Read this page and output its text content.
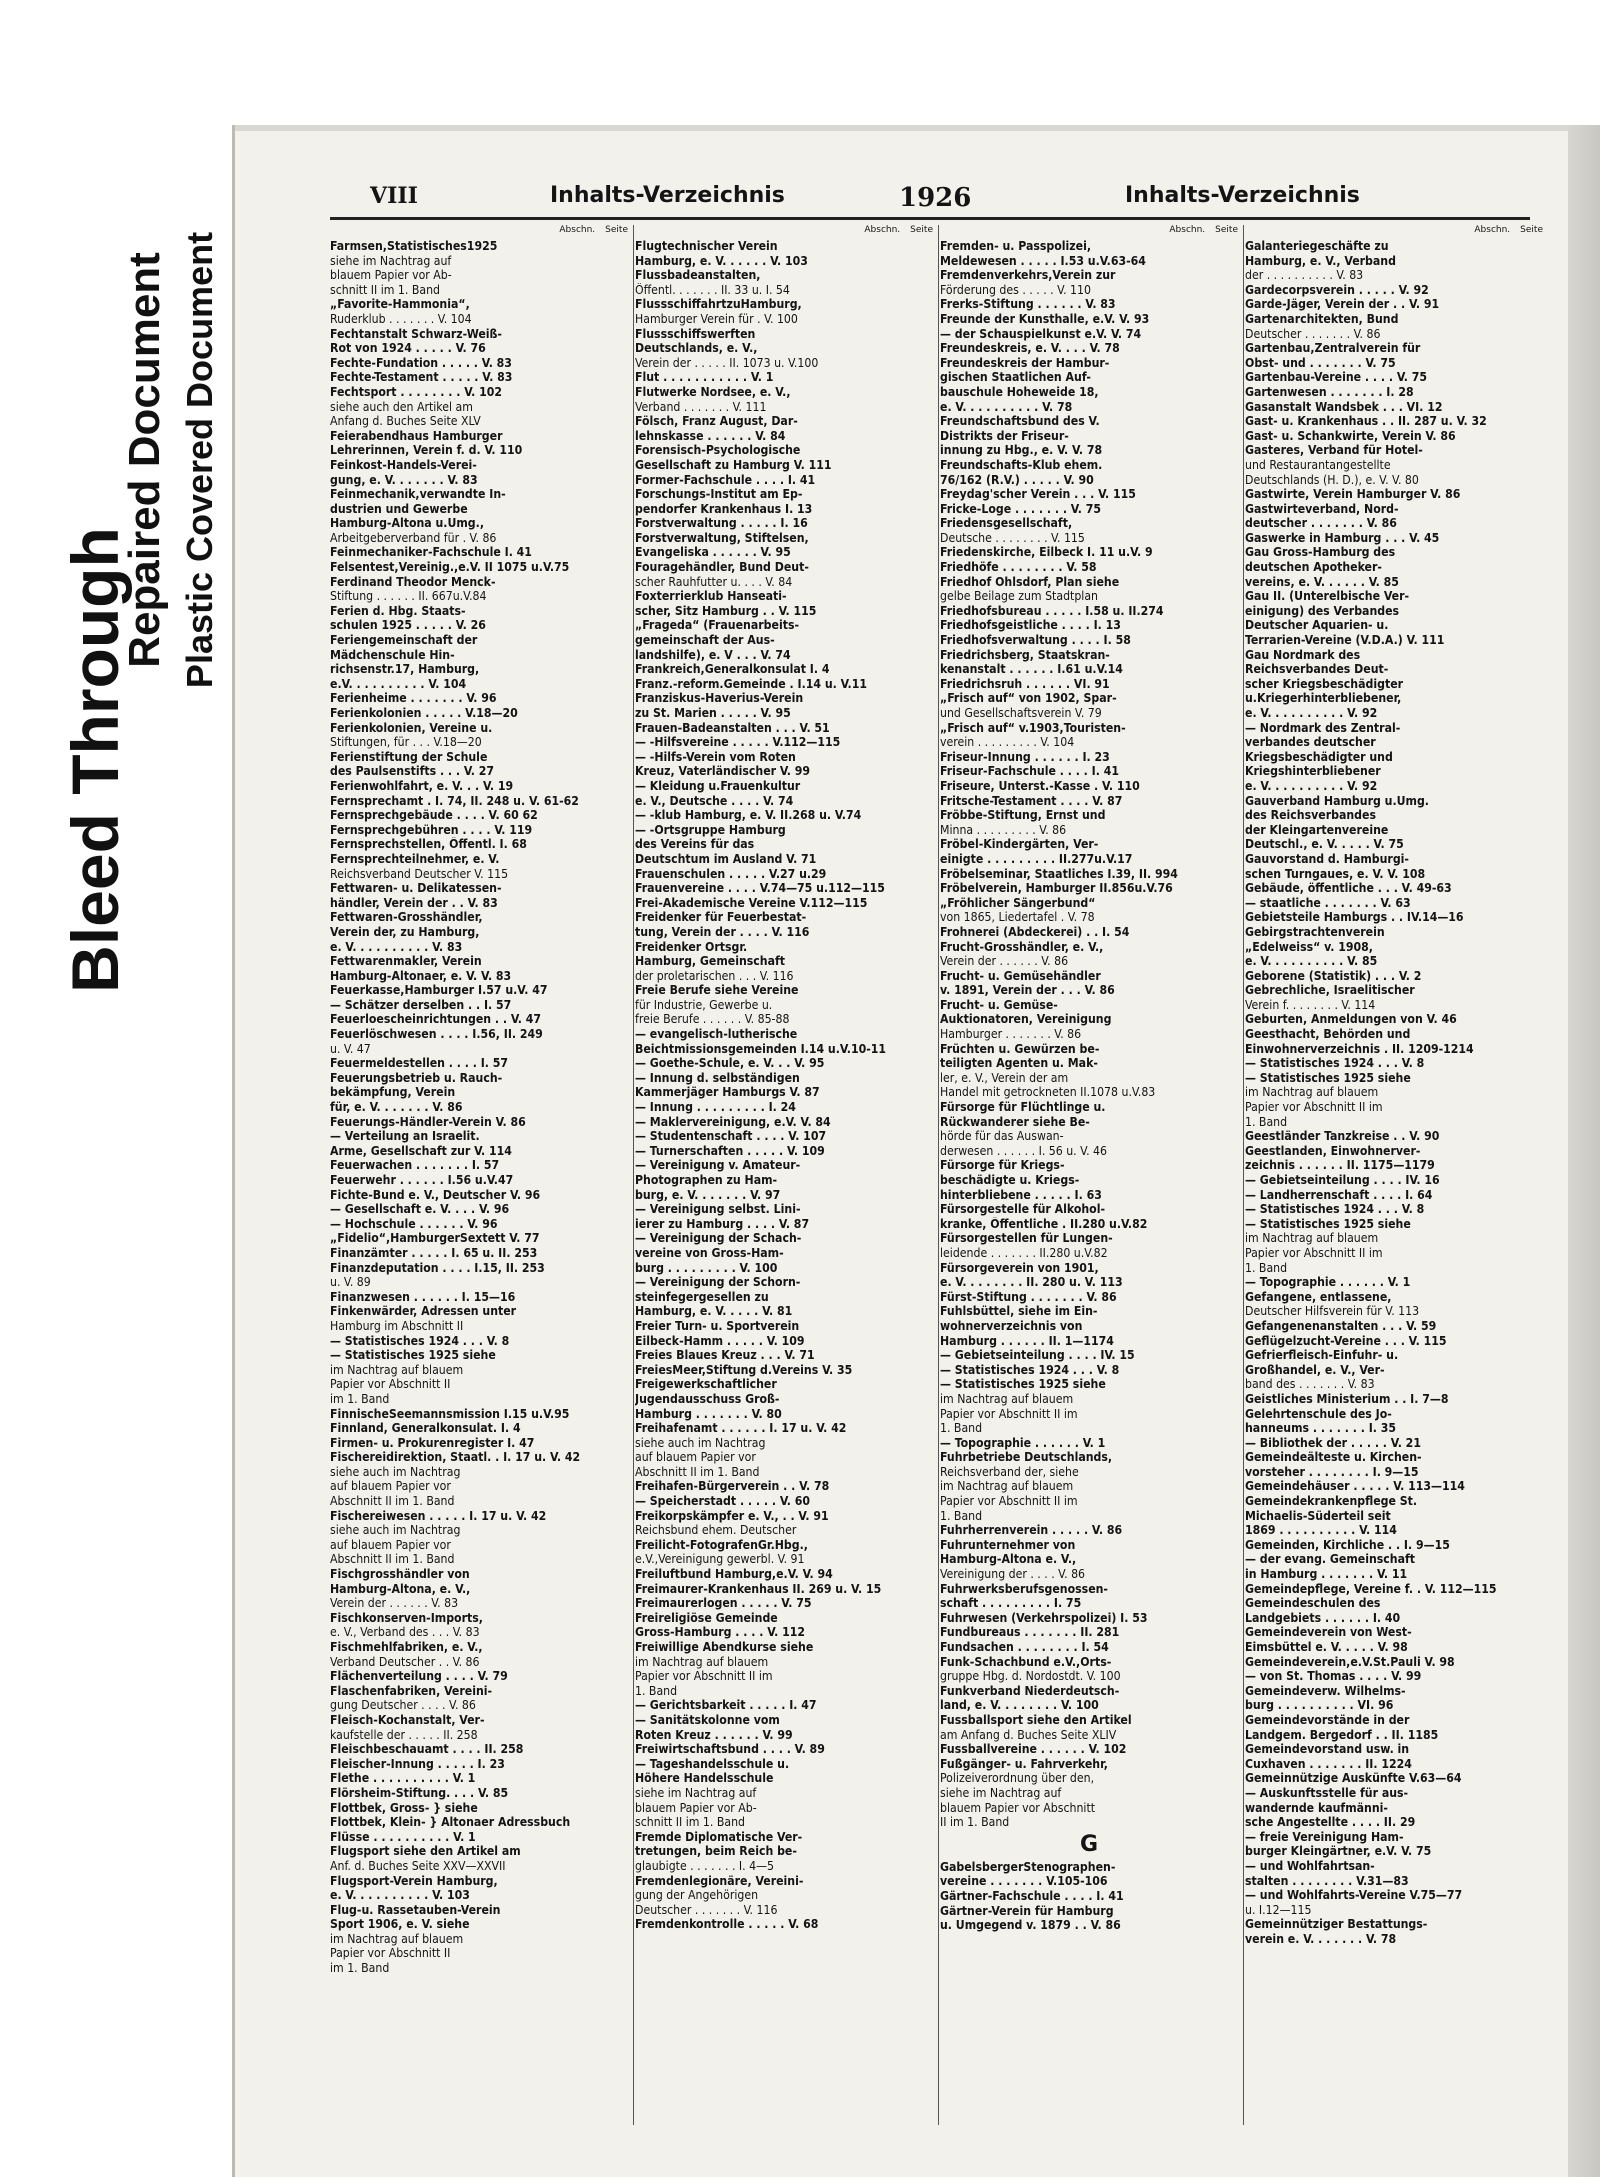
Bleed Through
Repaired Document Plastic Covered Document
VIII	Inhalts-Verzeichnis	1926	Inhalts-Verzeichnis
Abschn. Seite
Farmsen,Statistisches1925
siehe im Nachtrag auf
blauem Papier vor Ab-
schnitt II im 1. Band
„Favorite-Hammonia“,
Ruderklub . . . . . . . V. 104
Fechtanstalt Schwarz-Weiß-
Rot von 1924 . . . . . V. 76
Fechte-Fundation . . . . . V. 83
Fechte-Testament . . . . . V. 83
Fechtsport . . . . . . . . V. 102
siehe auch den Artikel am
Anfang d. Buches Seite XLV
Feierabendhaus Hamburger
Lehrerinnen, Verein f. d. V. 110
Feinkost-Handels-Verei-
gung, e. V. . . . . . . V. 83
Feinmechanik,verwandte In-
dustrien und Gewerbe
Hamburg-Altona u.Umg.,
Arbeitgeberverband für . V. 86
Feinmechaniker-Fachschule I. 41
Felsentest,Vereinig.,e.V. II 1075 u.V.75
Ferdinand Theodor Menck-
Stiftung . . . . . . II. 667u.V.84
Ferien d. Hbg. Staats-
schulen 1925 . . . . . V. 26
Feriengemeinschaft der
Mädchenschule Hin-
richsenstr.17, Hamburg,
e.V. . . . . . . . . . V. 104
Ferienheime . . . . . . . V. 96
Ferienkolonien . . . . . V.18—20
Ferienkolonien, Vereine u.
Stiftungen, für . . . V.18—20
Ferienstiftung der Schule
des Paulsenstifts . . . V. 27
Ferienwohlfahrt, e. V. . . V. 19
Fernsprechamt . I. 74, II. 248 u. V. 61-62
Fernsprechgebäude . . . . V. 60 62
Fernsprechgebühren . . . . V. 119
Fernsprechstellen, Öffentl. I. 68
Fernsprechteilnehmer, e. V.
Reichsverband Deutscher V. 115
Fettwaren- u. Delikatessen-
händler, Verein der . . V. 83
Fettwaren-Grosshändler,
Verein der, zu Hamburg,
e. V. . . . . . . . . . V. 83
Fettwarenmakler, Verein
Hamburg-Altonaer, e. V. V. 83
Feuerkasse,Hamburger I.57 u.V. 47
— Schätzer derselben . . I. 57
Feuerloescheinrichtungen . . V. 47
Feuerlöschwesen . . . . I.56, II. 249
u. V. 47
Feuermeldestellen . . . . I. 57
Feuerungsbetrieb u. Rauch-
bekämpfung, Verein
für, e. V. . . . . . . V. 86
Feuerungs-Händler-Verein V. 86
— Verteilung an Israelit.
Arme, Gesellschaft zur V. 114
Feuerwachen . . . . . . . I. 57
Feuerwehr . . . . . . I.56 u.V.47
Fichte-Bund e. V., Deutscher V. 96
— Gesellschaft e. V. . . . V. 96
— Hochschule . . . . . . V. 96
„Fidelio“,HamburgerSextett V. 77
Finanzämter . . . . . I. 65 u. II. 253
Finanzdeputation . . . . I.15, II. 253
u. V. 89
Finanzwesen . . . . . . I. 15—16
Finkenwärder, Adressen unter
Hamburg im Abschnitt II
— Statistisches 1924 . . . V. 8
— Statistisches 1925 siehe
im Nachtrag auf blauem
Papier vor Abschnitt II
im 1. Band
FinnischeSeemannsmission I.15 u.V.95
Finnland, Generalkonsulat. I. 4
Firmen- u. Prokurenregister I. 47
Fischereidirektion, Staatl. . I. 17 u. V. 42
siehe auch im Nachtrag
auf blauem Papier vor
Abschnitt II im 1. Band
Fischereiwesen . . . . . I. 17 u. V. 42
siehe auch im Nachtrag
auf blauem Papier vor
Abschnitt II im 1. Band
Fischgrosshändler von
Hamburg-Altona, e. V.,
Verein der . . . . . . V. 83
Fischkonserven-Imports,
e. V., Verband des . . . V. 83
Fischmehlfabriken, e. V.,
Verband Deutscher . . V. 86
Flächenverteilung . . . . V. 79
Flaschenfabriken, Vereini-
gung Deutscher . . . . V. 86
Fleisch-Kochanstalt, Ver-
kaufstelle der . . . . . II. 258
Fleischbeschauamt . . . . II. 258
Fleischer-Innung . . . . . I. 23
Flethe . . . . . . . . . . V. 1
Flörsheim-Stiftung. . . . V. 85
Flottbek, Gross- } siehe
Flottbek, Klein- } Altonaer Adressbuch
Flüsse . . . . . . . . . . V. 1
Flugsport siehe den Artikel am
Anf. d. Buches Seite XXV—XXVII
Flugsport-Verein Hamburg,
e. V. . . . . . . . . . V. 103
Flug-u. Rassetauben-Verein
Sport 1906, e. V. siehe
im Nachtrag auf blauem
Papier vor Abschnitt II
im 1. Band
Abschn. Seite
Flugtechnischer Verein
Hamburg, e. V. . . . . . V. 103
Flussbadeanstalten,
Öffentl. . . . . . . II. 33 u. I. 54
FlussschiffahrtzuHamburg,
Hamburger Verein für . V. 100
Flussschiffswerften
Deutschlands, e. V.,
Verein der . . . . . II. 1073 u. V.100
Flut . . . . . . . . . . . V. 1
Flutwerke Nordsee, e. V.,
Verband . . . . . . . V. 111
Fölsch, Franz August, Dar-
lehnskasse . . . . . . V. 84
Forensisch-Psychologische
Gesellschaft zu Hamburg V. 111
Former-Fachschule . . . . I. 41
Forschungs-Institut am Ep-
pendorfer Krankenhaus I. 13
Forstverwaltung . . . . . I. 16
Forstverwaltung, Stiftelsen,
Evangeliska . . . . . . V. 95
Fouragehändler, Bund Deut-
scher Rauhfutter u. . . . V. 84
Foxterrierklub Hanseati-
scher, Sitz Hamburg . . V. 115
„Frageda“ (Frauenarbeits-
gemeinschaft der Aus-
landshilfe), e. V . . . V. 74
Frankreich,Generalkonsulat I. 4
Franz.-reform.Gemeinde . I.14 u. V.11
Franziskus-Haverius-Verein
zu St. Marien . . . . . V. 95
Frauen-Badeanstalten . . . V. 51
— -Hilfsvereine . . . . . V.112—115
— -Hilfs-Verein vom Roten
Kreuz, Vaterländischer V. 99
— Kleidung u.Frauenkultur
e. V., Deutsche . . . . V. 74
— -klub Hamburg, e. V. II.268 u. V.74
— -Ortsgruppe Hamburg
des Vereins für das
Deutschtum im Ausland V. 71
Frauenschulen . . . . . V.27 u.29
Frauenvereine . . . . V.74—75 u.112—115
Frei-Akademische Vereine V.112—115
Freidenker für Feuerbestat-
tung, Verein der . . . . V. 116
Freidenker Ortsgr.
Hamburg, Gemeinschaft
der proletarischen . . . V. 116
Freie Berufe siehe Vereine
für Industrie, Gewerbe u.
freie Berufe . . . . . . V. 85-88
— evangelisch-lutherische
Beichtmissionsgemeinden I.14 u.V.10-11
— Goethe-Schule, e. V. . . V. 95
— Innung d. selbständigen
Kammerjäger Hamburgs V. 87
— Innung . . . . . . . . . I. 24
— Maklervereinigung, e.V. V. 84
— Studentenschaft . . . . V. 107
— Turnerschaften . . . . . V. 109
— Vereinigung v. Amateur-
Photographen zu Ham-
burg, e. V. . . . . . . V. 97
— Vereinigung selbst. Lini-
ierer zu Hamburg . . . . V. 87
— Vereinigung der Schach-
vereine von Gross-Ham-
burg . . . . . . . . . V. 100
— Vereinigung der Schorn-
steinfegergesellen zu
Hamburg, e. V. . . . . V. 81
Freier Turn- u. Sportverein
Eilbeck-Hamm . . . . . V. 109
Freies Blaues Kreuz . . . V. 71
FreiesMeer,Stiftung d.Vereins V. 35
Freigewerkschaftlicher
Jugendausschuss Groß-
Hamburg . . . . . . . V. 80
Freihafenamt . . . . . . I. 17 u. V. 42
siehe auch im Nachtrag
auf blauem Papier vor
Abschnitt II im 1. Band
Freihafen-Bürgerverein . . V. 78
— Speicherstadt . . . . . V. 60
Freikorpskämpfer e. V., . . V. 91
Reichsbund ehem. Deutscher
Freilicht-FotografenGr.Hbg.,
e.V.,Vereinigung gewerbl. V. 91
Freiluftbund Hamburg,e.V. V. 94
Freimaurer-Krankenhaus II. 269 u. V. 15
Freimaurerlogen . . . . . V. 75
Freireligiöse Gemeinde
Gross-Hamburg . . . . V. 112
Freiwillige Abendkurse siehe
im Nachtrag auf blauem
Papier vor Abschnitt II im
1. Band
— Gerichtsbarkeit . . . . . I. 47
— Sanitätskolonne vom
Roten Kreuz . . . . . . V. 99
Freiwirtschaftsbund . . . . V. 89
— Tageshandelsschule u.
Höhere Handelsschule
siehe im Nachtrag auf
blauem Papier vor Ab-
schnitt II im 1. Band
Fremde Diplomatische Ver-
tretungen, beim Reich be-
glaubigte . . . . . . . I. 4—5
Fremdenlegionäre, Vereini-
gung der Angehörigen
Deutscher . . . . . . . V. 116
Fremdenkontrolle . . . . . V. 68
Abschn. Seite
Fremden- u. Passpolizei,
Meldewesen . . . . . I.53 u.V.63-64
Fremdenverkehrs,Verein zur
Förderung des . . . . . V. 110
Frerks-Stiftung . . . . . . V. 83
Freunde der Kunsthalle, e.V. V. 93
— der Schauspielkunst e.V. V. 74
Freundeskreis, e. V. . . . V. 78
Freundeskreis der Hambur-
gischen Staatlichen Auf-
bauschule Hoheweide 18,
e. V. . . . . . . . . . V. 78
Freundschaftsbund des V.
Distrikts der Friseur-
innung zu Hbg., e. V. V. 78
Freundschafts-Klub ehem.
76/162 (R.V.) . . . . . V. 90
Freydag'scher Verein . . . V. 115
Fricke-Loge . . . . . . . V. 75
Friedensgesellschaft,
Deutsche . . . . . . . . V. 115
Friedenskirche, Eilbeck I. 11 u.V. 9
Friedhöfe . . . . . . . . V. 58
Friedhof Ohlsdorf, Plan siehe
gelbe Beilage zum Stadtplan
Friedhofsbureau . . . . . I.58 u. II.274
Friedhofsgeistliche . . . . I. 13
Friedhofsverwaltung . . . . I. 58
Friedrichsberg, Staatskran-
kenanstalt . . . . . . I.61 u.V.14
Friedrichsruh . . . . . . VI. 91
„Frisch auf“ von 1902, Spar-
und Gesellschaftsverein V. 79
„Frisch auf“ v.1903,Touristen-
verein . . . . . . . . . V. 104
Friseur-Innung . . . . . . I. 23
Friseur-Fachschule . . . . I. 41
Friseure, Unterst.-Kasse . V. 110
Fritsche-Testament . . . . V. 87
Fröbbe-Stiftung, Ernst und
Minna . . . . . . . . . V. 86
Fröbel-Kindergärten, Ver-
einigte . . . . . . . . . II.277u.V.17
Fröbelseminar, Staatliches I.39, II. 994
Fröbelverein, Hamburger II.856u.V.76
„Fröhlicher Sängerbund“
von 1865, Liedertafel . V. 78
Frohnerei (Abdeckerei) . . I. 54
Frucht-Grosshändler, e. V.,
Verein der . . . . . . V. 86
Frucht- u. Gemüsehändler
v. 1891, Verein der . . . V. 86
Frucht- u. Gemüse-
Auktionatoren, Vereinigung
Hamburger . . . . . . . V. 86
Früchten u. Gewürzen be-
teiligten Agenten u. Mak-
ler, e. V., Verein der am
Handel mit getrockneten II.1078 u.V.83
Fürsorge für Flüchtlinge u.
Rückwanderer siehe Be-
hörde für das Auswan-
derwesen . . . . . . I. 56 u. V. 46
Fürsorge für Kriegs-
beschädigte u. Kriegs-
hinterbliebene . . . . . I. 63
Fürsorgestelle für Alkohol-
kranke, Öffentliche . II.280 u.V.82
Fürsorgestellen für Lungen-
leidende . . . . . . . II.280 u.V.82
Fürsorgeverein von 1901,
e. V. . . . . . . . II. 280 u. V. 113
Fürst-Stiftung . . . . . . . V. 86
Fuhlsbüttel, siehe im Ein-
wohnerverzeichnis von
Hamburg . . . . . . II. 1—1174
— Gebietseinteilung . . . . IV. 15
— Statistisches 1924 . . . V. 8
— Statistisches 1925 siehe
im Nachtrag auf blauem
Papier vor Abschnitt II im
1. Band
— Topographie . . . . . . V. 1
Fuhrbetriebe Deutschlands,
Reichsverband der, siehe
im Nachtrag auf blauem
Papier vor Abschnitt II im
1. Band
Fuhrherrenverein . . . . . V. 86
Fuhrunternehmer von
Hamburg-Altona e. V.,
Vereinigung der . . . . V. 86
Fuhrwerksberufsgenossen-
schaft . . . . . . . . . I. 75
Fuhrwesen (Verkehrspolizei) I. 53
Fundbureaus . . . . . . . II. 281
Fundsachen . . . . . . . . I. 54
Funk-Schachbund e.V.,Orts-
gruppe Hbg. d. Nordostdt. V. 100
Funkverband Niederdeutsch-
land, e. V. . . . . . . . V. 100
Fussballsport siehe den Artikel
am Anfang d. Buches Seite XLIV
Fussballvereine . . . . . . V. 102
Fußgänger- u. Fahrverkehr,
Polizeiverordnung über den,
siehe im Nachtrag auf
blauem Papier vor Abschnitt
II im 1. Band
G
GabelsbergerStenographen-
vereine . . . . . . . V.105-106
Gärtner-Fachschule . . . . I. 41
Gärtner-Verein für Hamburg
u. Umgegend v. 1879 . . V. 86
Abschn. Seite
Galanteriegeschäfte zu
Hamburg, e. V., Verband
der . . . . . . . . . . V. 83
Gardecorpsverein . . . . . V. 92
Garde-Jäger, Verein der . . V. 91
Gartenarchitekten, Bund
Deutscher . . . . . . . V. 86
Gartenbau,Zentralverein für
Obst- und . . . . . . . V. 75
Gartenbau-Vereine . . . . V. 75
Gartenwesen . . . . . . . I. 28
Gasanstalt Wandsbek . . . VI. 12
Gast- u. Krankenhaus . . II. 287 u. V. 32
Gast- u. Schankwirte, Verein V. 86
Gasteres, Verband für Hotel-
und Restaurantangestellte
Deutschlands (H. D.), e. V. V. 80
Gastwirte, Verein Hamburger V. 86
Gastwirteverband, Nord-
deutscher . . . . . . . V. 86
Gaswerke in Hamburg . . . V. 45
Gau Gross-Hamburg des
deutschen Apotheker-
vereins, e. V. . . . . . V. 85
Gau II. (Unterelbische Ver-
einigung) des Verbandes
Deutscher Aquarien- u.
Terrarien-Vereine (V.D.A.) V. 111
Gau Nordmark des
Reichsverbandes Deut-
scher Kriegsbeschädigter
u.Kriegerhinterbliebener,
e. V. . . . . . . . . . V. 92
— Nordmark des Zentral-
verbandes deutscher
Kriegsbeschädigter und
Kriegshinterbliebener
e. V. . . . . . . . . . V. 92
Gauverband Hamburg u.Umg.
des Reichsverbandes
der Kleingartenvereine
Deutschl., e. V. . . . . V. 75
Gauvorstand d. Hamburgi-
schen Turngaues, e. V. V. 108
Gebäude, öffentliche . . . V. 49-63
— staatliche . . . . . . . V. 63
Gebietsteile Hamburgs . . IV.14—16
Gebirgstrachtenverein
„Edelweiss“ v. 1908,
e. V. . . . . . . . . . V. 85
Geborene (Statistik) . . . V. 2
Gebrechliche, Israelitischer
Verein f. . . . . . . . V. 114
Geburten, Anmeldungen von V. 46
Geesthacht, Behörden und
Einwohnerverzeichnis . II. 1209-1214
— Statistisches 1924 . . . V. 8
— Statistisches 1925 siehe
im Nachtrag auf blauem
Papier vor Abschnitt II im
1. Band
Geestländer Tanzkreise . . V. 90
Geestlanden, Einwohnerver-
zeichnis . . . . . . II. 1175—1179
— Gebietseinteilung . . . . IV. 16
— Landherrenschaft . . . . I. 64
— Statistisches 1924 . . . V. 8
— Statistisches 1925 siehe
im Nachtrag auf blauem
Papier vor Abschnitt II im
1. Band
— Topographie . . . . . . V. 1
Gefangene, entlassene,
Deutscher Hilfsverein für V. 113
Gefangenenanstalten . . . V. 59
Geflügelzucht-Vereine . . . V. 115
Gefrierfleisch-Einfuhr- u.
Großhandel, e. V., Ver-
band des . . . . . . . V. 83
Geistliches Ministerium . . I. 7—8
Gelehrtenschule des Jo-
hanneums . . . . . . . I. 35
— Bibliothek der . . . . . V. 21
Gemeindeälteste u. Kirchen-
vorsteher . . . . . . . . I. 9—15
Gemeindehäuser . . . . . V. 113—114
Gemeindekrankenpflege St.
Michaelis-Süderteil seit
1869 . . . . . . . . . . V. 114
Gemeinden, Kirchliche . . I. 9—15
— der evang. Gemeinschaft
in Hamburg . . . . . . . V. 11
Gemeindepflege, Vereine f. . V. 112—115
Gemeindeschulen des
Landgebiets . . . . . . I. 40
Gemeindeverein von West-
Eimsbüttel e. V. . . . . V. 98
Gemeindeverein,e.V.St.Pauli V. 98
— von St. Thomas . . . . V. 99
Gemeindeverw. Wilhelms-
burg . . . . . . . . . . VI. 96
Gemeindevorstände in der
Landgem. Bergedorf . . II. 1185
Gemeindevorstand usw. in
Cuxhaven . . . . . . . II. 1224
Gemeinnützige Auskünfte V.63—64
— Auskunftsstelle für aus-
wandernde kaufmänni-
sche Angestellte . . . . II. 29
— freie Vereinigung Ham-
burger Kleingärtner, e.V. V. 75
— und Wohlfahrtsan-
stalten . . . . . . . . V.31—83
— und Wohlfahrts-Vereine V.75—77
u. I.12—115
Gemeinnütziger Bestattungs-
verein e. V. . . . . . . V. 78
